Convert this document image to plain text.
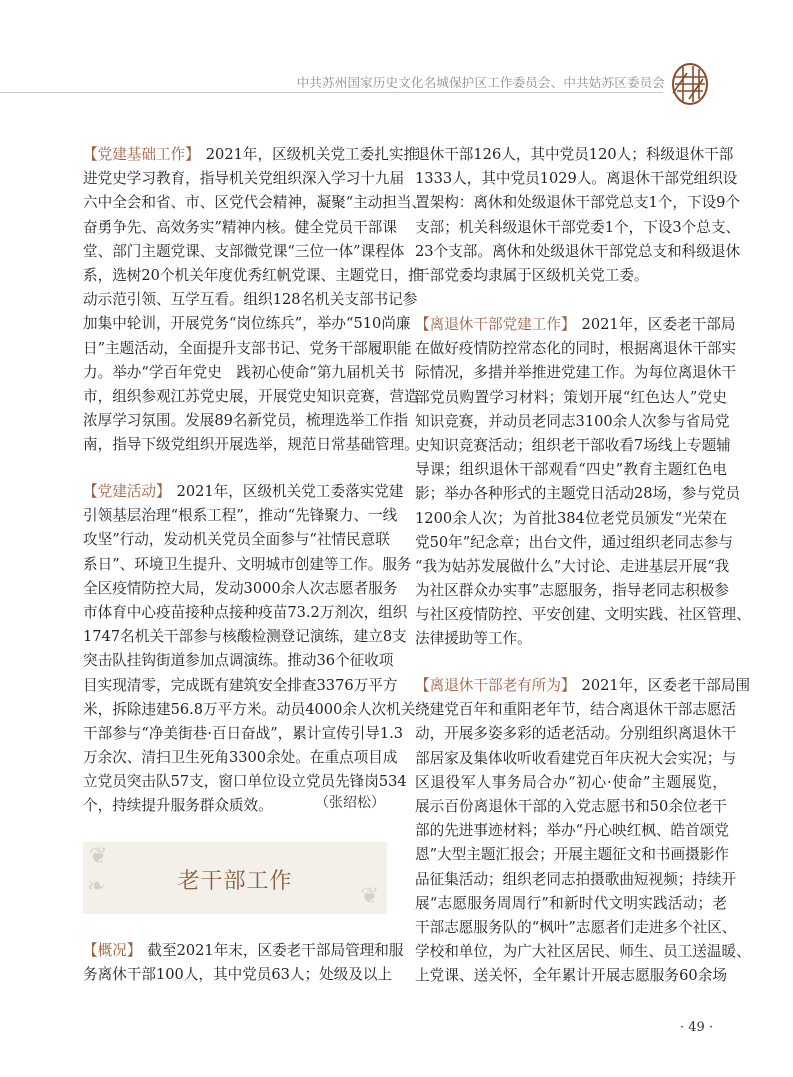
中共苏州国家历史文化名城保护区工作委员会、中共姑苏区委员会
【党建基础工作】 2021年，区级机关党工委扎实推
进党史学习教育，指导机关党组织深入学习十九届
六中全会和省、市、区党代会精神，凝聚“主动担当、
奋勇争先、高效务实”精神内核。健全党员干部课
堂、部门主题党课、支部微党课“三位一体”课程体
系，选树20个机关年度优秀红帆党课、主题党日，推
动示范引领、互学互看。组织128名机关支部书记参
加集中轮训，开展党务“岗位练兵”，举办“510尚廉
日”主题活动，全面提升支部书记、党务干部履职能
力。举办“学百年党史　践初心使命”第九届机关书
市，组织参观江苏党史展，开展党史知识竞赛，营造
浓厚学习氛围。发展89名新党员，梳理选举工作指
南，指导下级党组织开展选举，规范日常基础管理。
【党建活动】 2021年，区级机关党工委落实党建
引领基层治理“根系工程”，推动“先锋聚力、一线
攻坚”行动，发动机关党员全面参与“社情民意联
系日”、环境卫生提升、文明城市创建等工作。服务
全区疫情防控大局，发动3000余人次志愿者服务
市体育中心疫苗接种点接种疫苗73.2万剂次，组织
1747名机关干部参与核酸检测登记演练，建立8支
突击队挂钩街道参加点调演练。推动36个征收项
目实现清零，完成既有建筑安全排查3376万平方
米，拆除违建56.8万平方米。动员4000余人次机关
干部参与“净美街巷·百日奋战”，累计宣传引导1.3
万余次、清扫卫生死角3300余处。在重点项目成
立党员突击队57支，窗口单位设立党员先锋岗534
个，持续提升服务群众质效。	（张绍松）
❦
❧	❦
老干部工作
【概况】 截至2021年末，区委老干部局管理和服
务离休干部100人，其中党员63人；处级及以上
退休干部126人，其中党员120人；科级退休干部
1333人，其中党员1029人。离退休干部党组织设
置架构：离休和处级退休干部党总支1个，下设9个
支部；机关科级退休干部党委1个，下设3个总支、
23个支部。离休和处级退休干部党总支和科级退休
干部党委均隶属于区级机关党工委。
【离退休干部党建工作】 2021年，区委老干部局
在做好疫情防控常态化的同时，根据离退休干部实
际情况，多措并举推进党建工作。为每位离退休干
部党员购置学习材料；策划开展“红色达人”党史
知识竞赛，并动员老同志3100余人次参与省局党
史知识竞赛活动；组织老干部收看7场线上专题辅
导课；组织退休干部观看“四史”教育主题红色电
影；举办各种形式的主题党日活动28场，参与党员
1200余人次；为首批384位老党员颁发“光荣在
党50年”纪念章；出台文件，通过组织老同志参与
“我为姑苏发展做什么”大讨论、走进基层开展“我
为社区群众办实事”志愿服务，指导老同志积极参
与社区疫情防控、平安创建、文明实践、社区管理、
法律援助等工作。
【离退休干部老有所为】 2021年，区委老干部局围
绕建党百年和重阳老年节，结合离退休干部志愿活
动，开展多姿多彩的适老活动。分别组织离退休干
部居家及集体收听收看建党百年庆祝大会实况；与
区退役军人事务局合办“初心·使命”主题展览，
展示百份离退休干部的入党志愿书和50余位老干
部的先进事迹材料；举办“丹心映红枫、皓首颂党
恩”大型主题汇报会；开展主题征文和书画摄影作
品征集活动；组织老同志拍摄歌曲短视频；持续开
展“志愿服务周周行”和新时代文明实践活动；老
干部志愿服务队的“枫叶”志愿者们走进多个社区、
学校和单位，为广大社区居民、师生、员工送温暖、
上党课、送关怀，全年累计开展志愿服务60余场
· 49 ·
